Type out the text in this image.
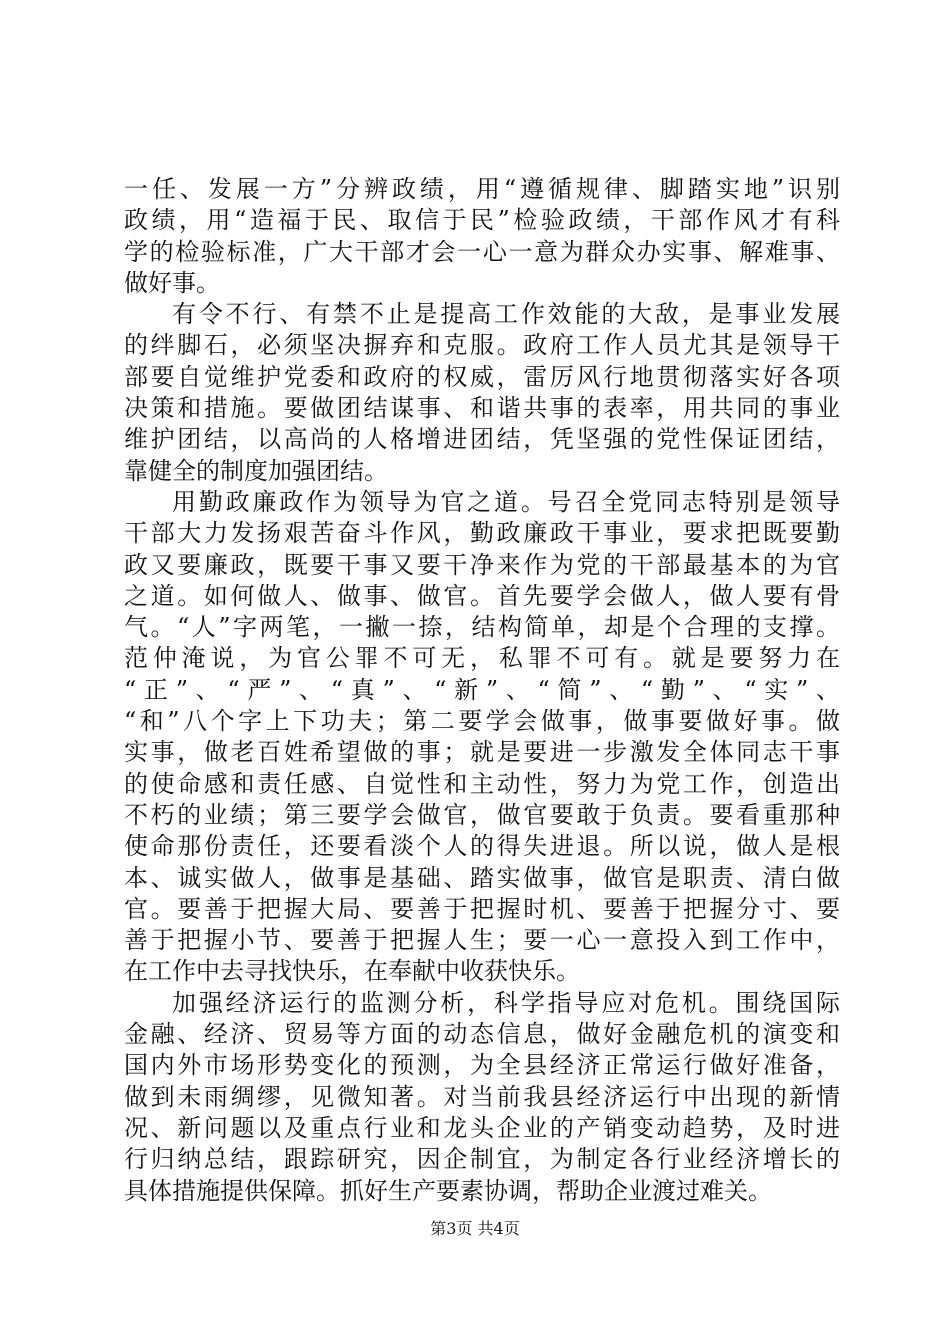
一任、发展一方”分辨政绩，用“遵循规律、脚踏实地”识别
政绩，用“造福于民、取信于民”检验政绩，干部作风才有科
学的检验标准，广大干部才会一心一意为群众办实事、解难事、
做好事。
有令不行、有禁不止是提高工作效能的大敌，是事业发展
的绊脚石，必须坚决摒弃和克服。政府工作人员尤其是领导干
部要自觉维护党委和政府的权威，雷厉风行地贯彻落实好各项
决策和措施。要做团结谋事、和谐共事的表率，用共同的事业
维护团结，以高尚的人格增进团结，凭坚强的党性保证团结，
靠健全的制度加强团结。
用勤政廉政作为领导为官之道。号召全党同志特别是领导
干部大力发扬艰苦奋斗作风，勤政廉政干事业，要求把既要勤
政又要廉政，既要干事又要干净来作为党的干部最基本的为官
之道。如何做人、做事、做官。首先要学会做人，做人要有骨
气。“人”字两笔，一撇一捺，结构简单，却是个合理的支撑。
范仲淹说，为官公罪不可无，私罪不可有。就是要努力在
“正”、“严”、“真”、“新”、“简”、“勤”、“实”、
“和”八个字上下功夫；第二要学会做事，做事要做好事。做
实事，做老百姓希望做的事；就是要进一步激发全体同志干事
的使命感和责任感、自觉性和主动性，努力为党工作，创造出
不朽的业绩；第三要学会做官，做官要敢于负责。要看重那种
使命那份责任，还要看淡个人的得失进退。所以说，做人是根
本、诚实做人，做事是基础、踏实做事，做官是职责、清白做
官。要善于把握大局、要善于把握时机、要善于把握分寸、要
善于把握小节、要善于把握人生；要一心一意投入到工作中，
在工作中去寻找快乐，在奉献中收获快乐。
加强经济运行的监测分析，科学指导应对危机。围绕国际
金融、经济、贸易等方面的动态信息，做好金融危机的演变和
国内外市场形势变化的预测，为全县经济正常运行做好准备，
做到未雨绸缪，见微知著。对当前我县经济运行中出现的新情
况、新问题以及重点行业和龙头企业的产销变动趋势，及时进
行归纳总结，跟踪研究，因企制宜，为制定各行业经济增长的
具体措施提供保障。抓好生产要素协调，帮助企业渡过难关。
第3页 共4页
